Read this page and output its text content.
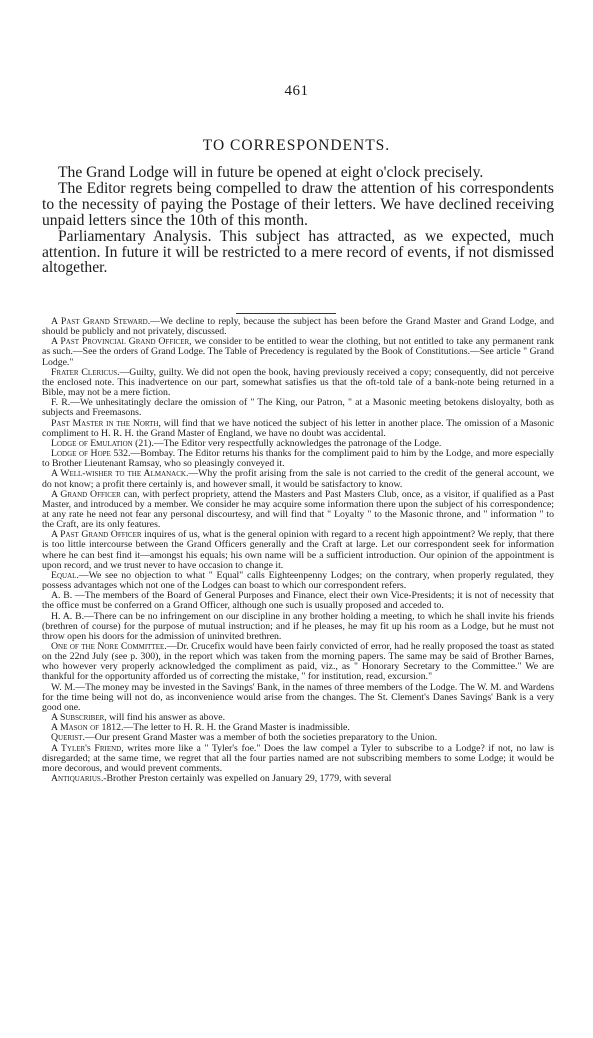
461
TO CORRESPONDENTS.

The Grand Lodge will in future be opened at eight o'clock precisely.

The Editor regrets being compelled to draw the attention of his correspondents to the necessity of paying the Postage of their letters. We have declined receiving unpaid letters since the 10th of this month.

Parliamentary Analysis. This subject has attracted, as we expected, much attention. In future it will be restricted to a mere record of events, if not dismissed altogether.

A Past Grand Steward.—We decline to reply, because the subject has been before the Grand Master and Grand Lodge, and should be publicly and not privately, discussed.

A Past Provincial Grand Officer, we consider to be entitled to wear the clothing, but not entitled to take any permanent rank as such.—See the orders of Grand Lodge. The Table of Precedency is regulated by the Book of Constitutions.—See article " Grand Lodge."

Frater Clericus.—Guilty, guilty. We did not open the book, having previously received a copy; consequently, did not perceive the enclosed note. This inadvertence on our part, somewhat satisfies us that the oft-told tale of a bank-note being returned in a Bible, may not be a mere fiction.

F. R.—We unhesitatingly declare the omission of " The King, our Patron, " at a Masonic meeting betokens disloyalty, both as subjects and Freemasons.

Past Master in the North, will find that we have noticed the subject of his letter in another place. The omission of a Masonic compliment to H. R. H. the Grand Master of England, we have no doubt was accidental.

Lodge of Emulation (21).—The Editor very respectfully acknowledges the patronage of the Lodge.

Lodge of Hope 532.—Bombay. The Editor returns his thanks for the compliment paid to him by the Lodge, and more especially to Brother Lieutenant Ramsay, who so pleasingly conveyed it.

A Well-wisher to the Almanack.—Why the profit arising from the sale is not carried to the credit of the general account, we do not know; a profit there certainly is, and however small, it would be satisfactory to know.

A Grand Officer can, with perfect propriety, attend the Masters and Past Masters Club, once, as a visitor, if qualified as a Past Master, and introduced by a member. We consider he may acquire some information there upon the subject of his correspondence; at any rate he need not fear any personal discourtesy, and will find that " Loyalty " to the Masonic throne, and " information " to the Craft, are its only features.

A Past Grand Officer inquires of us, what is the general opinion with regard to a recent high appointment? We reply, that there is too little intercourse between the Grand Officers generally and the Craft at large. Let our correspondent seek for information where he can best find it—amongst his equals; his own name will be a sufficient introduction. Our opinion of the appointment is upon record, and we trust never to have occasion to change it.

Equal.—We see no objection to what " Equal" calls Eighteenpenny Lodges; on the contrary, when properly regulated, they possess advantages which not one of the Lodges can boast to which our correspondent refers.

A. B. —The members of the Board of General Purposes and Finance, elect their own Vice-Presidents; it is not of necessity that the office must be conferred on a Grand Officer, although one such is usually proposed and acceded to.

H. A. B.—There can be no infringement on our discipline in any brother holding a meeting, to which he shall invite his friends (brethren of course) for the purpose of mutual instruction; and if he pleases, he may fit up his room as a Lodge, but he must not throw open his doors for the admission of uninvited brethren.

One of the Nore Committee.—Dr. Crucefix would have been fairly convicted of error, had he really proposed the toast as stated on the 22nd July (see p. 300), in the report which was taken from the morning papers. The same may be said of Brother Barnes, who however very properly acknowledged the compliment as paid, viz., as " Honorary Secretary to the Committee." We are thankful for the opportunity afforded us of correcting the mistake, " for institution, read, excursion."

W. M.—The money may be invested in the Savings' Bank, in the names of three members of the Lodge. The W. M. and Wardens for the time being will not do, as inconvenience would arise from the changes. The St. Clement's Danes Savings' Bank is a very good one.

A Subscriber, will find his answer as above.

A Mason of 1812.—The letter to H. R. H. the Grand Master is inadmissible.

Querist.—Our present Grand Master was a member of both the societies preparatory to the Union.

A Tyler's Friend, writes more like a " Tyler's foe." Does the law compel a Tyler to subscribe to a Lodge? if not, no law is disregarded; at the same time, we regret that all the four parties named are not subscribing members to some Lodge; it would be more decorous, and would prevent comments.

Antiquarius.-Brother Preston certainly was expelled on January 29, 1779, with several
